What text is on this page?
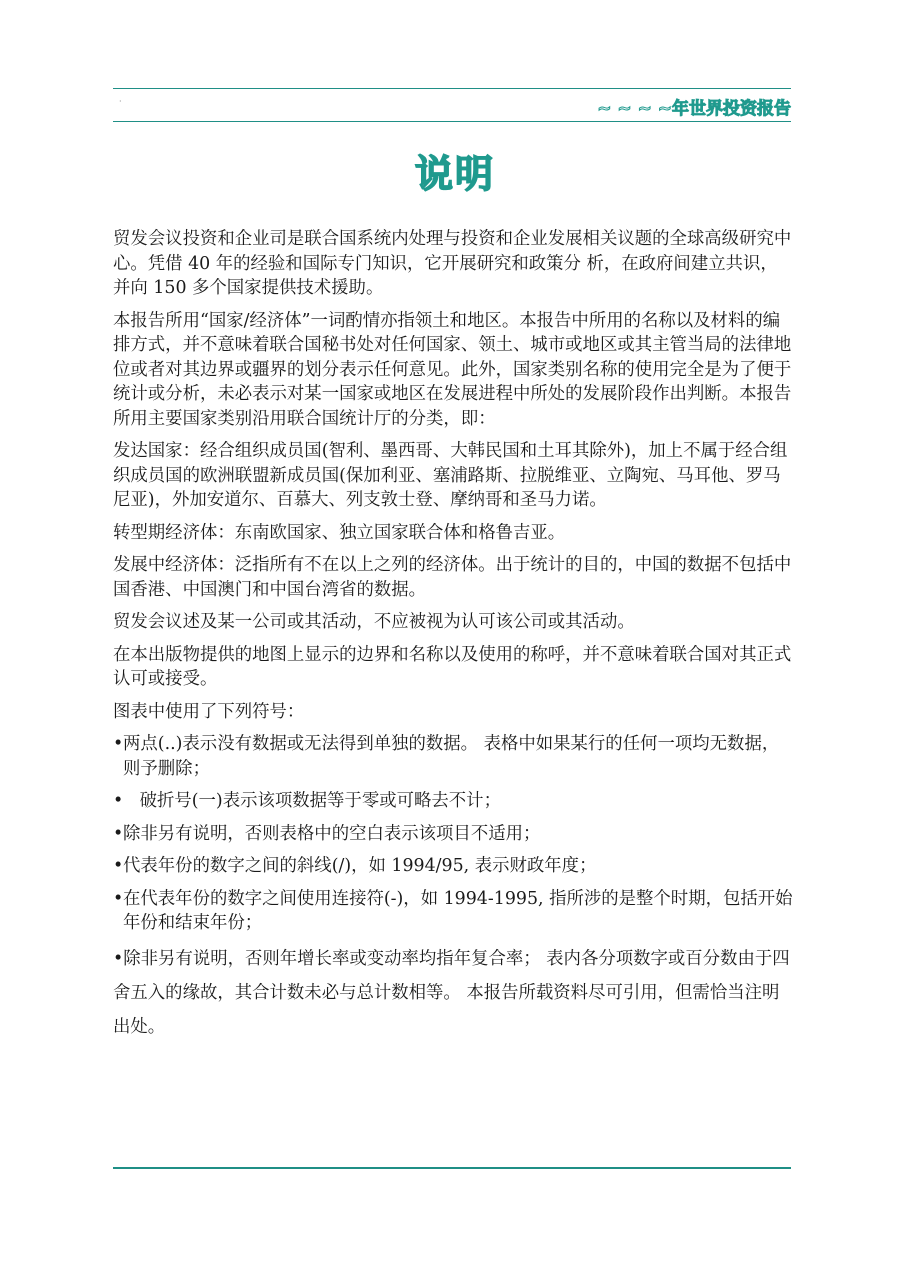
·	~ ~ ~ ~年世界投资报告
说明

贸发会议投资和企业司是联合国系统内处理与投资和企业发展相关议题的全球高级研究中心。凭借 40 年的经验和国际专门知识，它开展研究和政策分 析，在政府间建立共识，并向 150 多个国家提供技术援助。

本报告所用“国家/经济体”一词酌情亦指领土和地区。本报告中所用的名称以及材料的编排方式，并不意味着联合国秘书处对任何国家、领土、城市或地区或其主管当局的法律地位或者对其边界或疆界的划分表示任何意见。此外，国家类别名称的使用完全是为了便于统计或分析，未必表示对某一国家或地区在发展进程中所处的发展阶段作出判断。本报告所用主要国家类别沿用联合国统计厅的分类，即：

发达国家：经合组织成员国(智利、墨西哥、大韩民国和土耳其除外)，加上不属于经合组织成员国的欧洲联盟新成员国(保加利亚、塞浦路斯、拉脱维亚、立陶宛、马耳他、罗马尼亚)，外加安道尔、百慕大、列支敦士登、摩纳哥和圣马力诺。

转型期经济体：东南欧国家、独立国家联合体和格鲁吉亚。

发展中经济体：泛指所有不在以上之列的经济体。出于统计的目的，中国的数据不包括中国香港、中国澳门和中国台湾省的数据。

贸发会议述及某一公司或其活动，不应被视为认可该公司或其活动。

在本出版物提供的地图上显示的边界和名称以及使用的称呼，并不意味着联合国对其正式认可或接受。

图表中使用了下列符号：

• 两点(..)表示没有数据或无法得到单独的数据。 表格中如果某行的任何一项均无数据，则予删除；
• 破折号(一)表示该项数据等于零或可略去不计；
• 除非另有说明，否则表格中的空白表示该项目不适用；
• 代表年份的数字之间的斜线(/)，如 1994/95, 表示财政年度；
• 在代表年份的数字之间使用连接符(-)，如 1994-1995, 指所涉的是整个时期，包括开始年份和结束年份；
•除非另有说明，否则年增长率或变动率均指年复合率； 表内各分项数字或百分数由于四舍五入的缘故，其合计数未必与总计数相等。 本报告所载资料尽可引用，但需恰当注明出处。
